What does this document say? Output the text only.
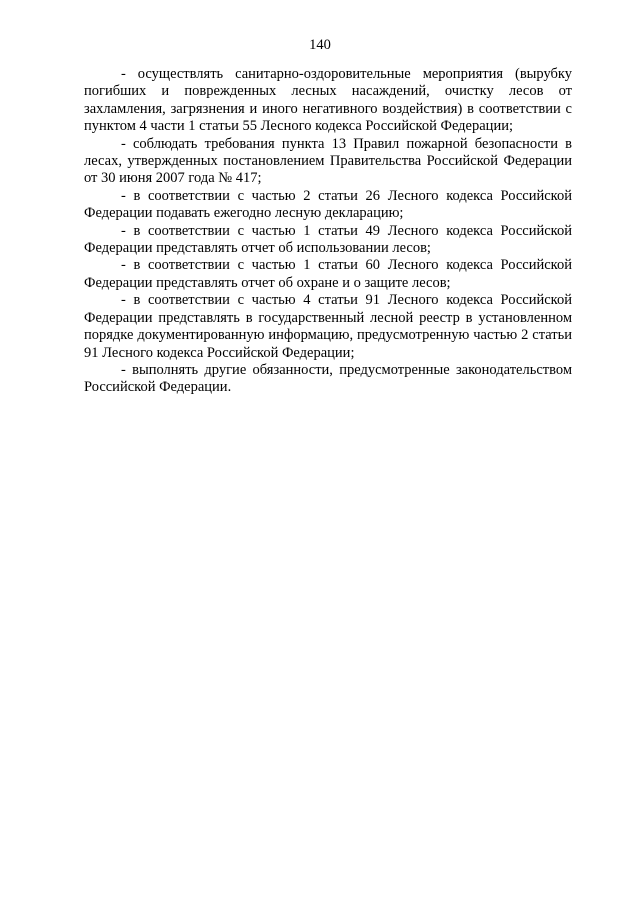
140

- осуществлять санитарно-оздоровительные мероприятия (вырубку погибших и поврежденных лесных насаждений, очистку лесов от захламления, загрязнения и иного негативного воздействия) в соответствии с пунктом 4 части 1 статьи 55 Лесного кодекса Российской Федерации;

- соблюдать требования пункта 13 Правил пожарной безопасности в лесах, утвержденных постановлением Правительства Российской Федерации от 30 июня 2007 года № 417;

- в соответствии с частью 2 статьи 26 Лесного кодекса Российской Федерации подавать ежегодно лесную декларацию;

- в соответствии с частью 1 статьи 49 Лесного кодекса Российской Федерации представлять отчет об использовании лесов;

- в соответствии с частью 1 статьи 60 Лесного кодекса Российской Федерации представлять отчет об охране и о защите лесов;

- в соответствии с частью 4 статьи 91 Лесного кодекса Российской Федерации представлять в государственный лесной реестр в установленном порядке документированную информацию, предусмотренную частью 2 статьи 91 Лесного кодекса Российской Федерации;

- выполнять другие обязанности, предусмотренные законодательством Российской Федерации.
